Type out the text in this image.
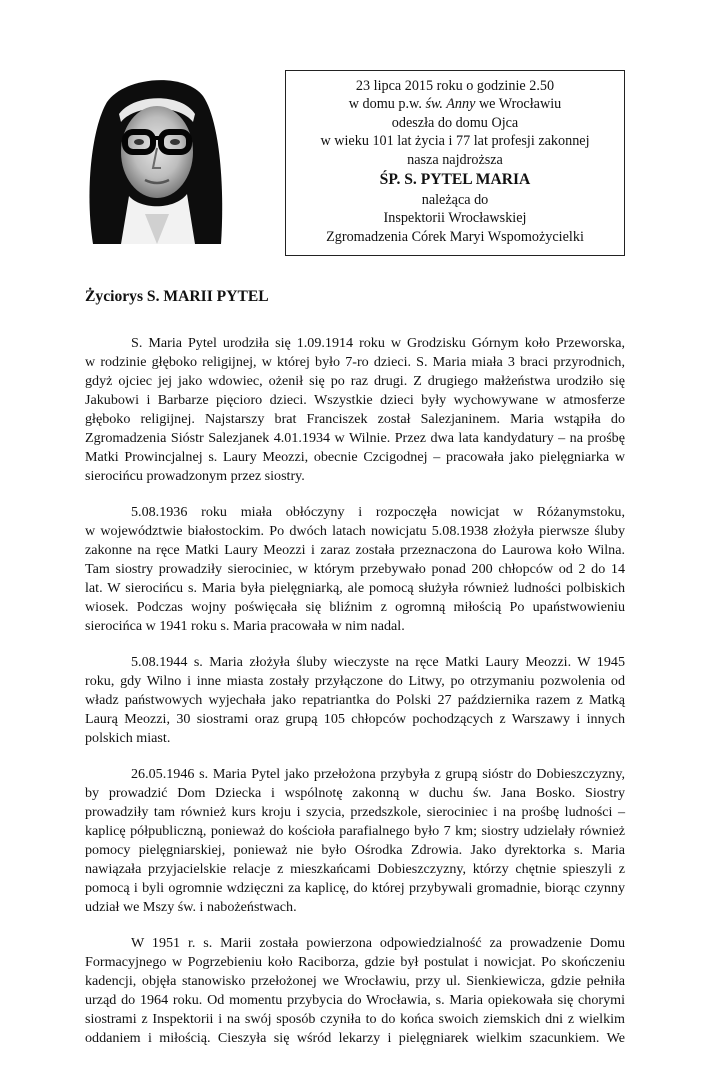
23 lipca 2015 roku o godzinie 2.50
w domu p.w. św. Anny we Wrocławiu
odeszła do domu Ojca
w wieku 101 lat życia i 77 lat profesji zakonnej
nasza najdroższa
ŚP. S. PYTEL MARIA
należąca do
Inspektorii Wrocławskiej
Zgromadzenia Córek Maryi Wspomożycielki
Życiorys S. MARII PYTEL
S. Maria Pytel urodziła się 1.09.1914 roku w Grodzisku Górnym koło Przeworska,
w rodzinie głęboko religijnej, w której było 7-ro dzieci. S. Maria miała 3 braci przyrodnich,
gdyż ojciec jej jako wdowiec, ożenił się po raz drugi. Z drugiego małżeństwa urodziło się
Jakubowi i Barbarze pięcioro dzieci. Wszystkie dzieci były wychowywane w atmosferze
głęboko religijnej. Najstarszy brat Franciszek został Salezjaninem. Maria wstąpiła do
Zgromadzenia Sióstr Salezjanek 4.01.1934 w Wilnie. Przez dwa lata kandydatury – na prośbę
Matki Prowincjalnej s. Laury Meozzi, obecnie Czcigodnej – pracowała jako pielęgniarka w
sierocińcu prowadzonym przez siostry.
5.08.1936 roku miała obłóczyny i rozpoczęła nowicjat w Różanymstoku,
w województwie białostockim. Po dwóch latach nowicjatu 5.08.1938 złożyła pierwsze śluby
zakonne na ręce Matki Laury Meozzi i zaraz została przeznaczona do Laurowa koło Wilna.
Tam siostry prowadziły sierociniec, w którym przebywało ponad 200 chłopców od 2 do 14
lat. W sierocińcu s. Maria była pielęgniarką, ale pomocą służyła również ludności polbiskich
wiosek. Podczas wojny poświęcała się bliźnim z ogromną miłością Po upaństwowieniu
sierocińca w 1941 roku s. Maria pracowała w nim nadal.
5.08.1944 s. Maria złożyła śluby wieczyste na ręce Matki Laury Meozzi. W 1945
roku, gdy Wilno i inne miasta zostały przyłączone do Litwy, po otrzymaniu pozwolenia od
władz państwowych wyjechała jako repatriantka do Polski 27 października razem z Matką
Laurą Meozzi, 30 siostrami oraz grupą 105 chłopców pochodzących z Warszawy i innych
polskich miast.
26.05.1946 s. Maria Pytel jako przełożona przybyła z grupą sióstr do Dobieszczyzny,
by prowadzić Dom Dziecka i wspólnotę zakonną w duchu św. Jana Bosko. Siostry
prowadziły tam również kurs kroju i szycia, przedszkole, sierociniec i na prośbę ludności –
kaplicę półpubliczną, ponieważ do kościoła parafialnego było 7 km; siostry udzielały również
pomocy pielęgniarskiej, ponieważ nie było Ośrodka Zdrowia. Jako dyrektorka s. Maria
nawiązała przyjacielskie relacje z mieszkańcami Dobieszczyzny, którzy chętnie spieszyli z
pomocą i byli ogromnie wdzięczni za kaplicę, do której przybywali gromadnie, biorąc czynny
udział we Mszy św. i nabożeństwach.
W 1951 r. s. Marii została powierzona odpowiedzialność za prowadzenie Domu
Formacyjnego w Pogrzebieniu koło Raciborza, gdzie był postulat i nowicjat. Po skończeniu
kadencji, objęła stanowisko przełożonej we Wrocławiu, przy ul. Sienkiewicza, gdzie pełniła
urząd do 1964 roku. Od momentu przybycia do Wrocławia, s. Maria opiekowała się chorymi
siostrami z Inspektorii i na swój sposób czyniła to do końca swoich ziemskich dni z wielkim
oddaniem i miłością. Cieszyła się wśród lekarzy i pielęgniarek wielkim szacunkiem. We
